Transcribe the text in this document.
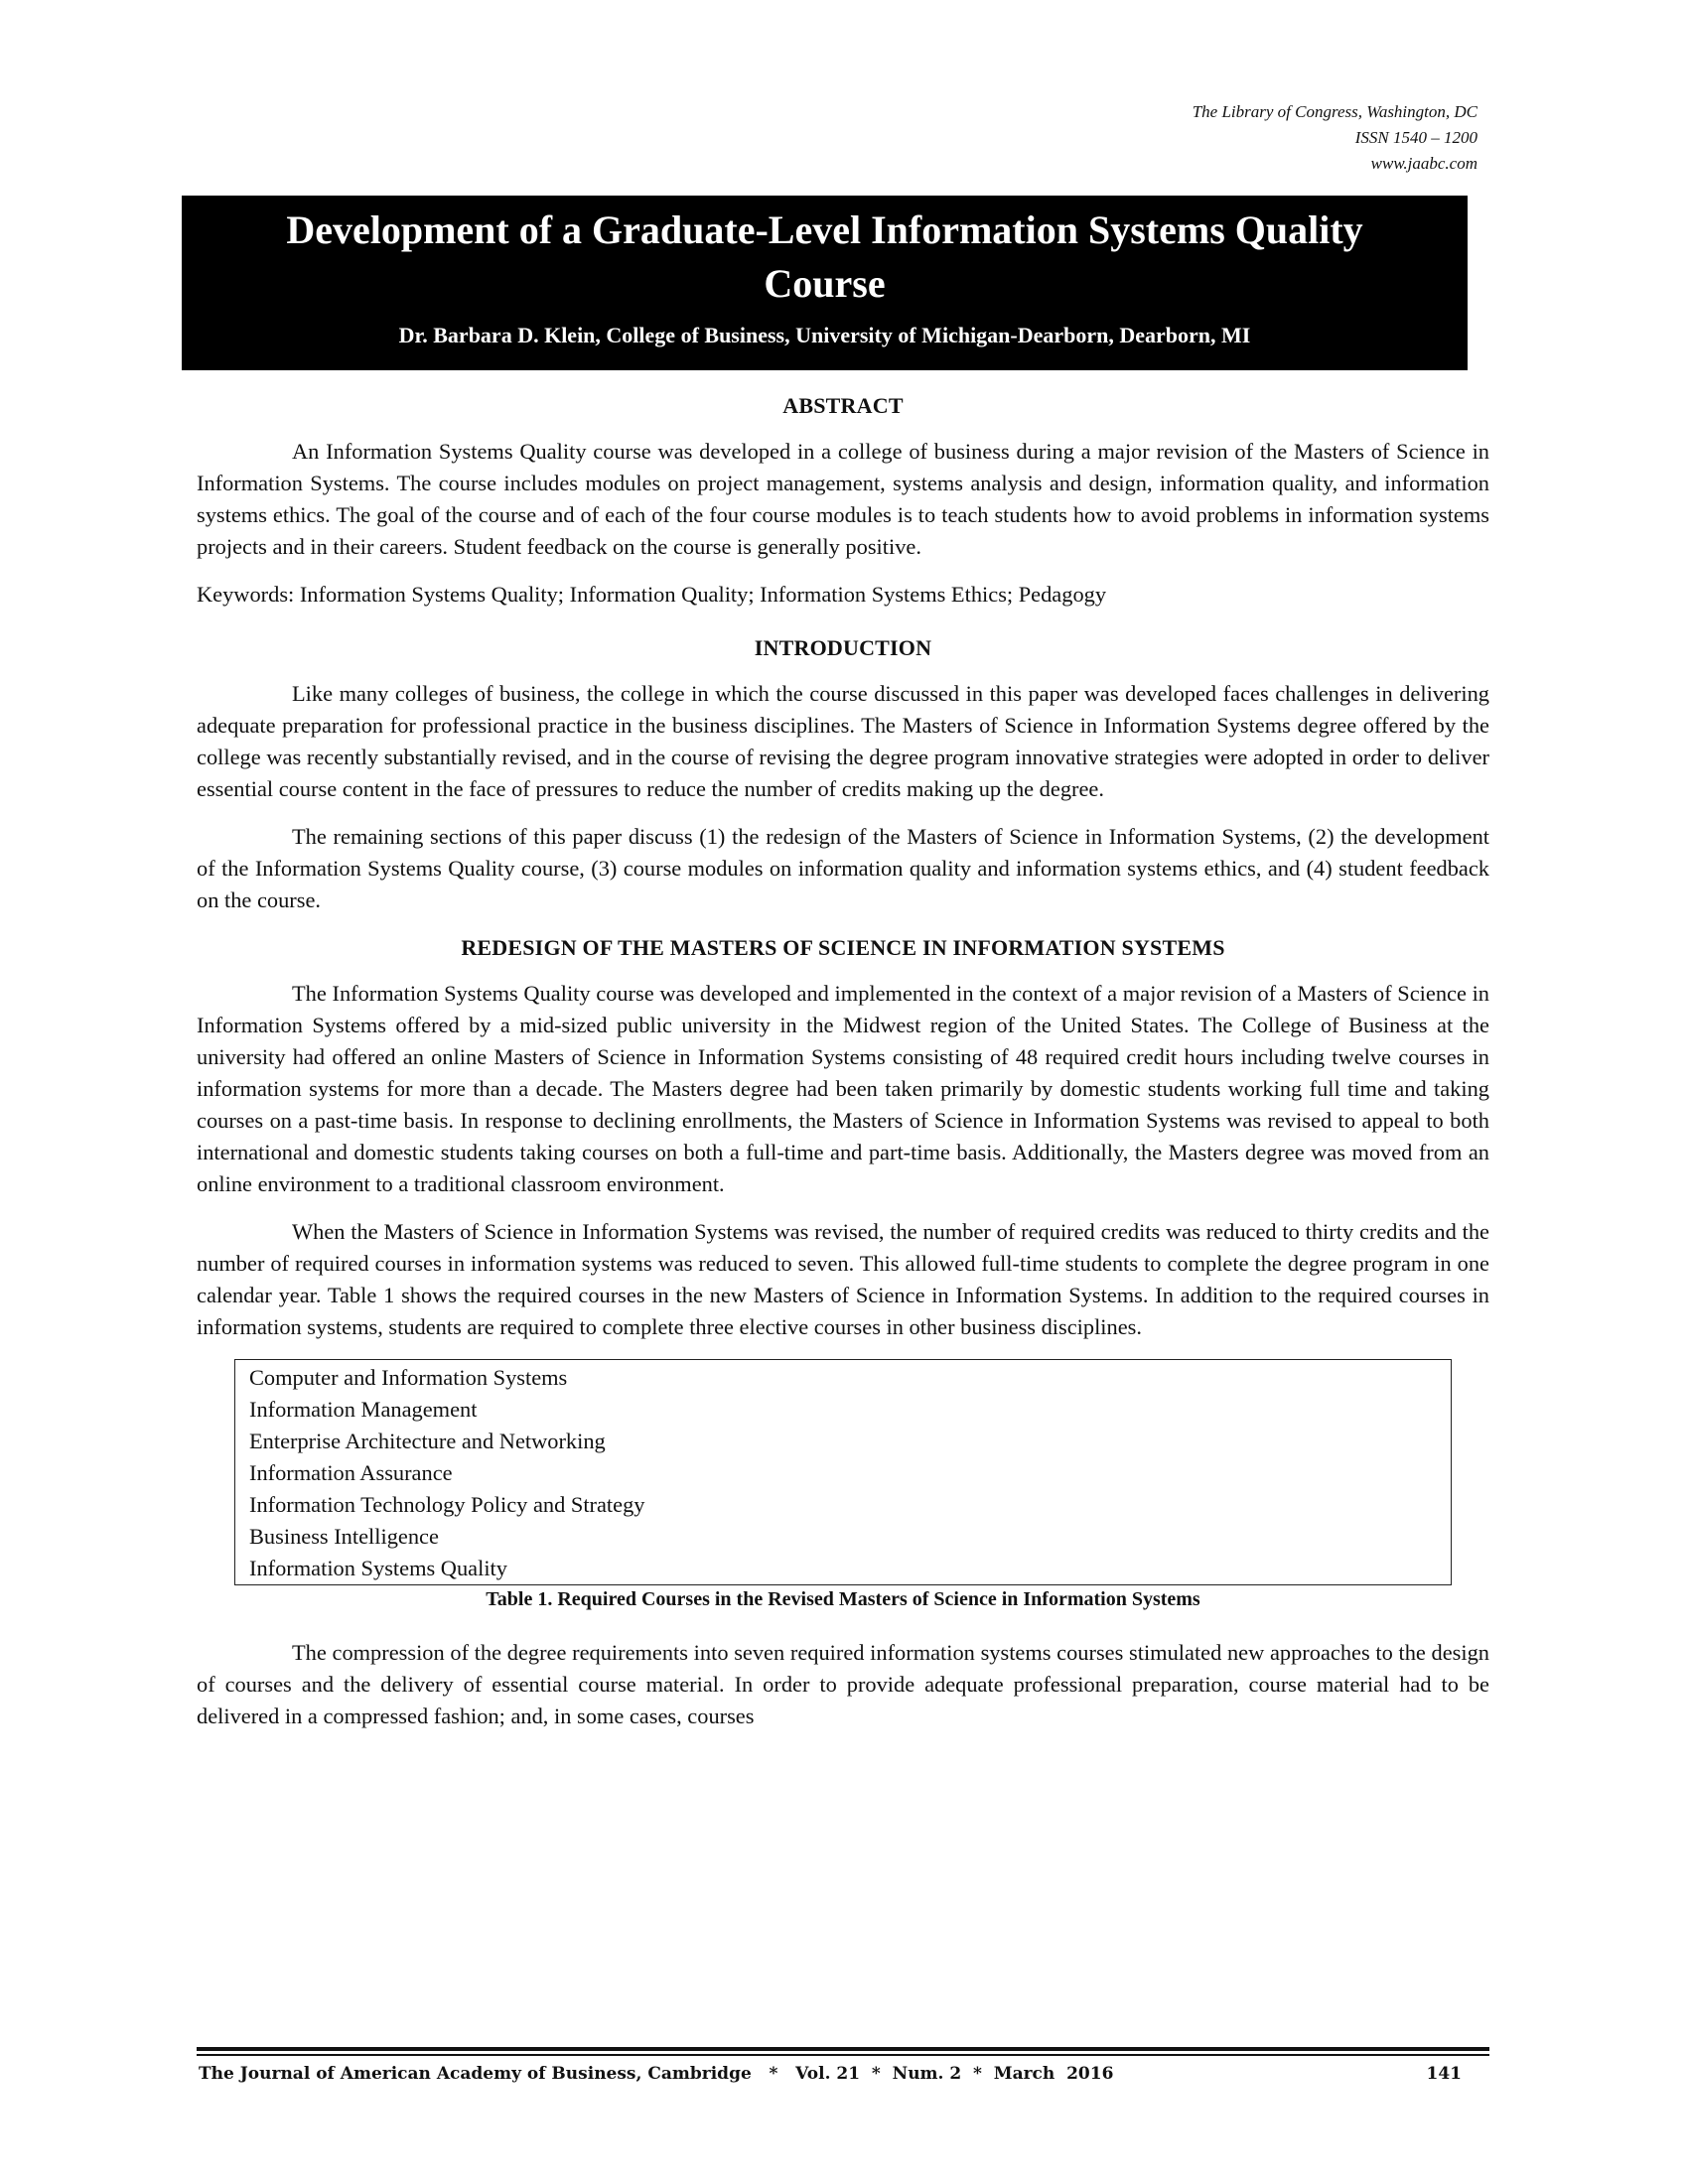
The Library of Congress, Washington, DC
ISSN 1540 – 1200
www.jaabc.com
Development of a Graduate-Level Information Systems Quality Course
Dr. Barbara D. Klein, College of Business, University of Michigan-Dearborn, Dearborn, MI
ABSTRACT

An Information Systems Quality course was developed in a college of business during a major revision of the Masters of Science in Information Systems. The course includes modules on project management, systems analysis and design, information quality, and information systems ethics. The goal of the course and of each of the four course modules is to teach students how to avoid problems in information systems projects and in their careers. Student feedback on the course is generally positive.

Keywords: Information Systems Quality; Information Quality; Information Systems Ethics; Pedagogy

INTRODUCTION

Like many colleges of business, the college in which the course discussed in this paper was developed faces challenges in delivering adequate preparation for professional practice in the business disciplines. The Masters of Science in Information Systems degree offered by the college was recently substantially revised, and in the course of revising the degree program innovative strategies were adopted in order to deliver essential course content in the face of pressures to reduce the number of credits making up the degree.

The remaining sections of this paper discuss (1) the redesign of the Masters of Science in Information Systems, (2) the development of the Information Systems Quality course, (3) course modules on information quality and information systems ethics, and (4) student feedback on the course.

REDESIGN OF THE MASTERS OF SCIENCE IN INFORMATION SYSTEMS

The Information Systems Quality course was developed and implemented in the context of a major revision of a Masters of Science in Information Systems offered by a mid-sized public university in the Midwest region of the United States. The College of Business at the university had offered an online Masters of Science in Information Systems consisting of 48 required credit hours including twelve courses in information systems for more than a decade. The Masters degree had been taken primarily by domestic students working full time and taking courses on a past-time basis. In response to declining enrollments, the Masters of Science in Information Systems was revised to appeal to both international and domestic students taking courses on both a full-time and part-time basis. Additionally, the Masters degree was moved from an online environment to a traditional classroom environment.

When the Masters of Science in Information Systems was revised, the number of required credits was reduced to thirty credits and the number of required courses in information systems was reduced to seven. This allowed full-time students to complete the degree program in one calendar year. Table 1 shows the required courses in the new Masters of Science in Information Systems. In addition to the required courses in information systems, students are required to complete three elective courses in other business disciplines.

Computer and Information Systems
Information Management
Enterprise Architecture and Networking
Information Assurance
Information Technology Policy and Strategy
Business Intelligence
Information Systems Quality
Table 1. Required Courses in the Revised Masters of Science in Information Systems

The compression of the degree requirements into seven required information systems courses stimulated new approaches to the design of courses and the delivery of essential course material. In order to provide adequate professional preparation, course material had to be delivered in a compressed fashion; and, in some cases, courses

The Journal of American Academy of Business, Cambridge   *   Vol. 21  *  Num. 2  *  March  2016	141
